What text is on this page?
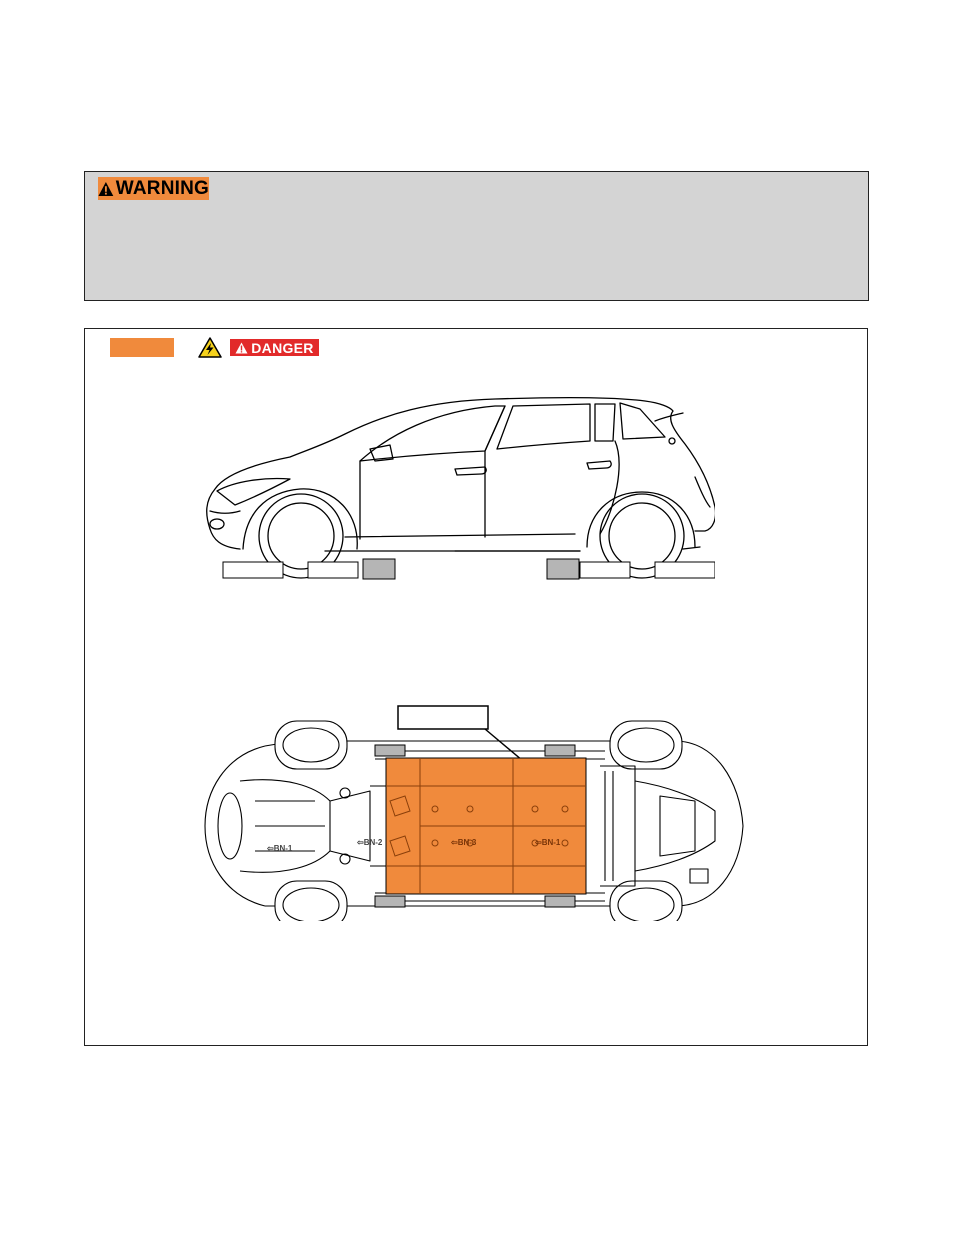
WARNING
DANGER
⇦BN-1
⇦BN-2	⇦BN-3	⇦BN-1
